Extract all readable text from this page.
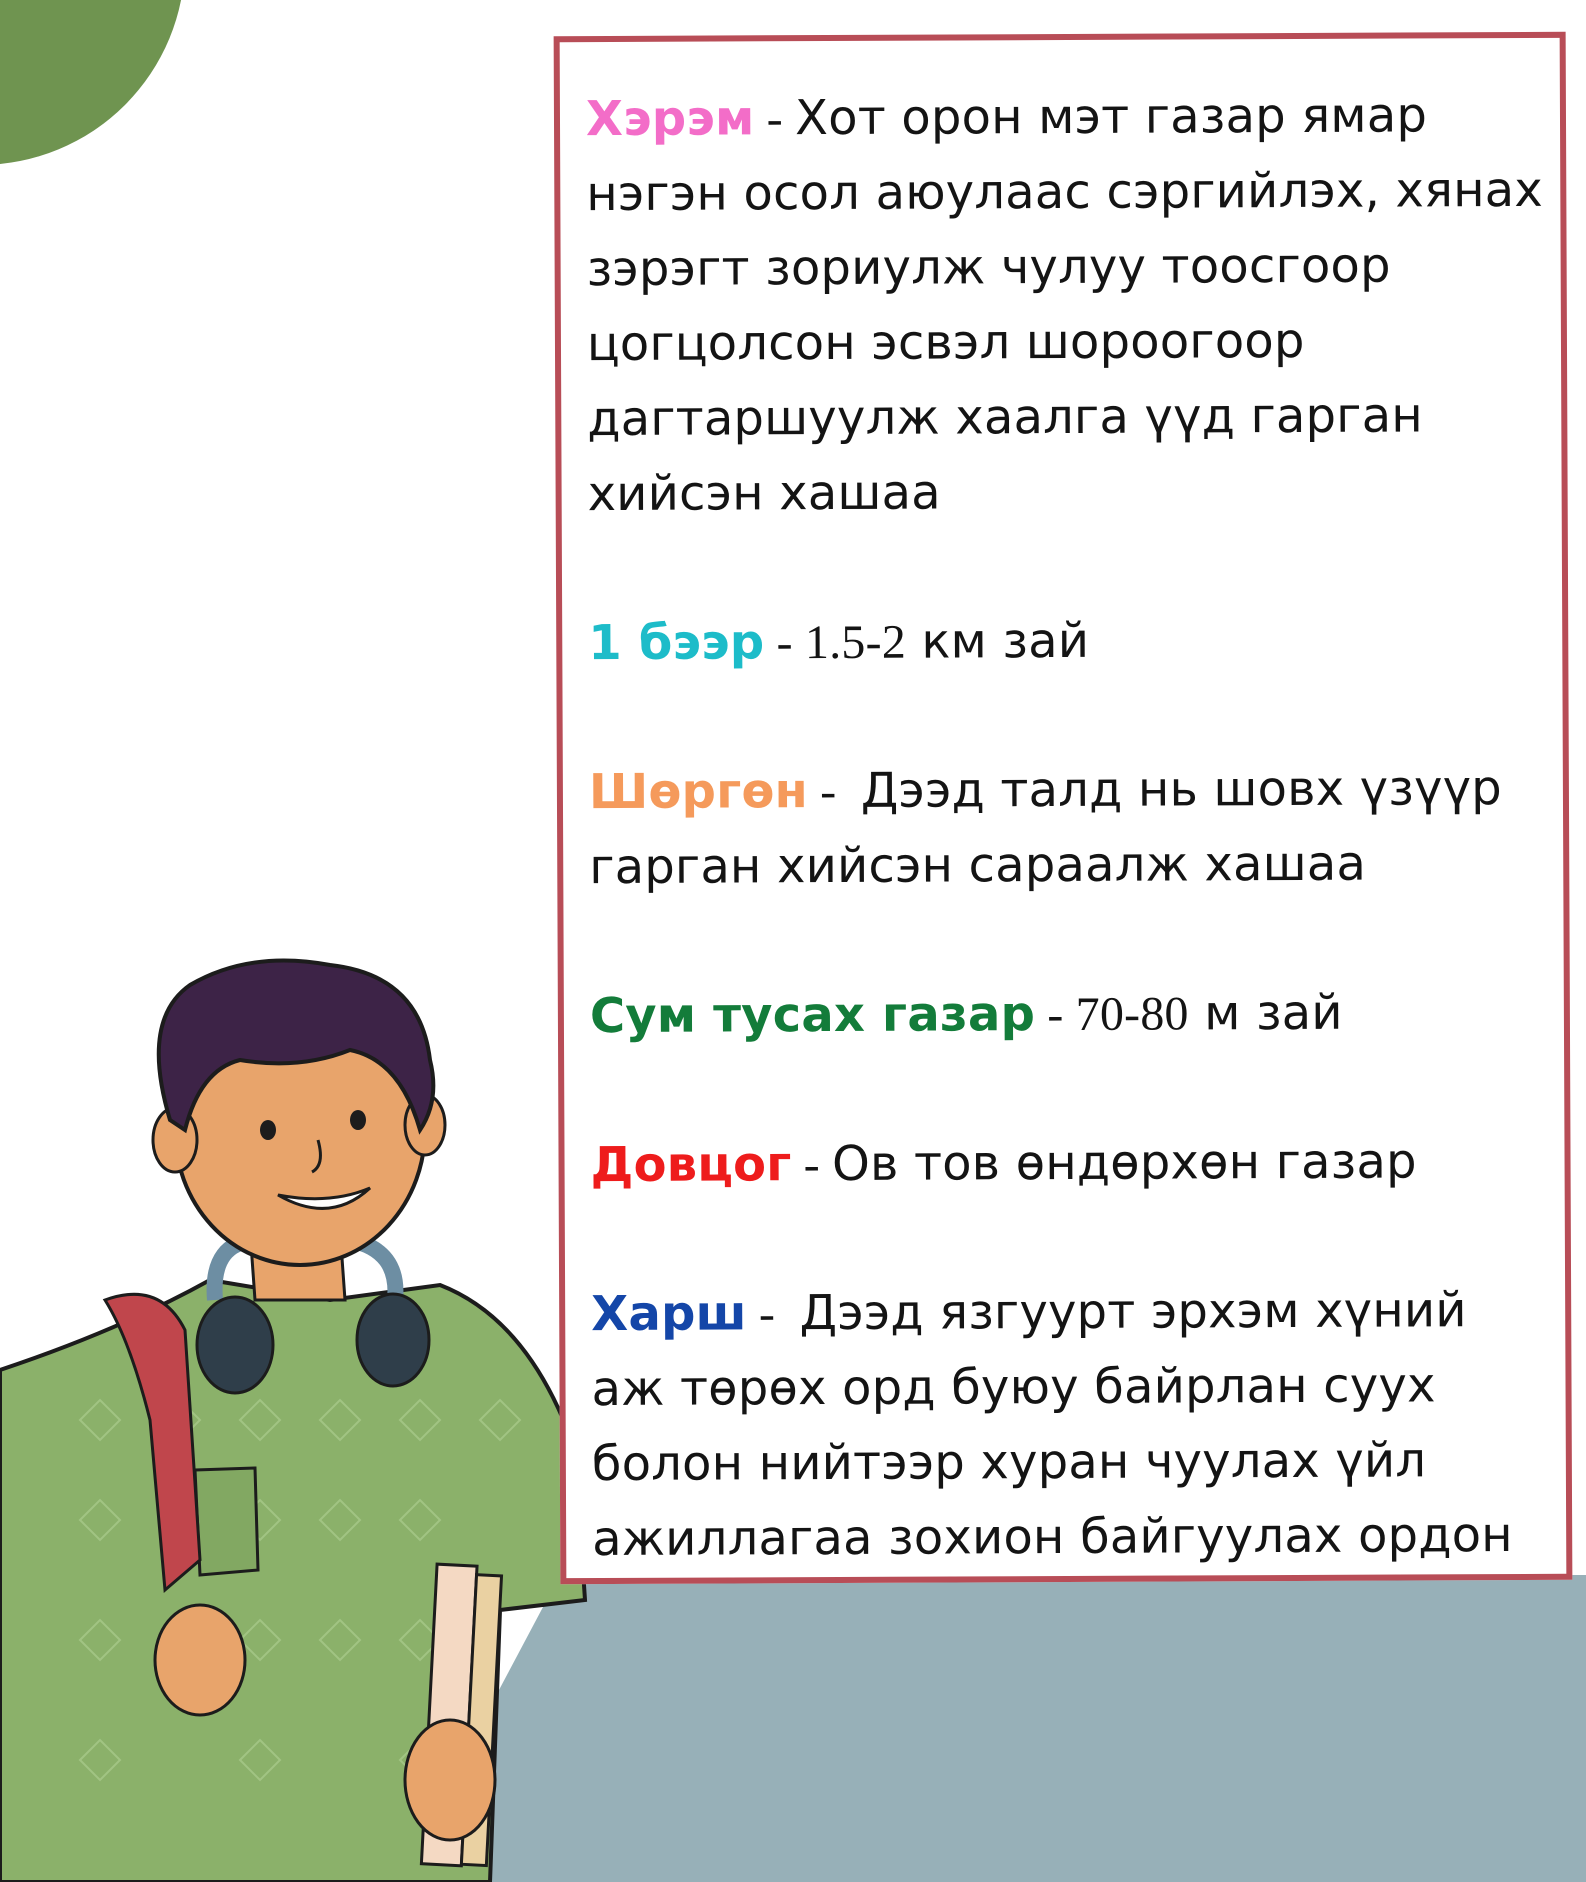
Хэрэм - Хот орон мэт газар ямар нэгэн осол аюулаас сэргийлэх, хянах зэрэгт зориулж чулуу тоосгоор цогцолсон эсвэл шороогоор дагтаршуулж хаалга үүд гарган хийсэн хашаа
1 бээр - 1.5-2 км зай
Шөргөн -  Дээд талд нь шовх үзүүр гарган хийсэн сараалж хашаа
Сум тусах газар - 70-80 м зай
Довцог - Ов тов өндөрхөн газар
Харш -  Дээд язгуурт эрхэм хүний аж төрөх орд буюу байрлан суух болон нийтээр хуран чуулах үйл ажиллагаа зохион байгуулах ордон
